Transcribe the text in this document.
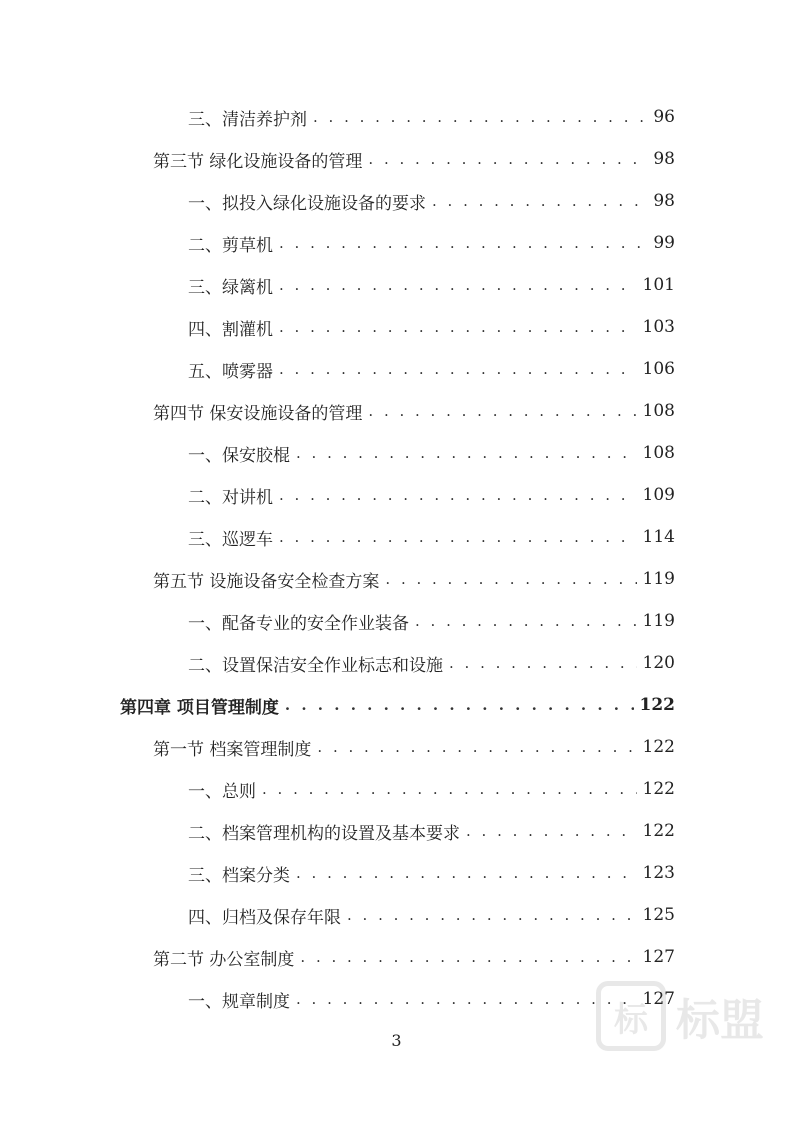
三、清洁养护剂 . . .	96
第三节 绿化设施设备的管理 . . .	98
一、拟投入绿化设施设备的要求 . . .	98
二、剪草机 . . .	99
三、绿篱机 . . .	101
四、割灌机 . . .	103
五、喷雾器 . . .	106
第四节 保安设施设备的管理 . . .	108
一、保安胶棍 . . .	108
二、对讲机 . . .	109
三、巡逻车 . . .	114
第五节 设施设备安全检查方案 . . .	119
一、配备专业的安全作业装备 . . .	119
二、设置保洁安全作业标志和设施 . . .	120
第四章 项目管理制度 . . .	122
第一节 档案管理制度 . . .	122
一、总则 . . .	122
二、档案管理机构的设置及基本要求 . . .	122
三、档案分类 . . .	123
四、归档及保存年限 . . .	125
第二节 办公室制度 . . .	127
一、规章制度 . . .	127
3
标 标盟
